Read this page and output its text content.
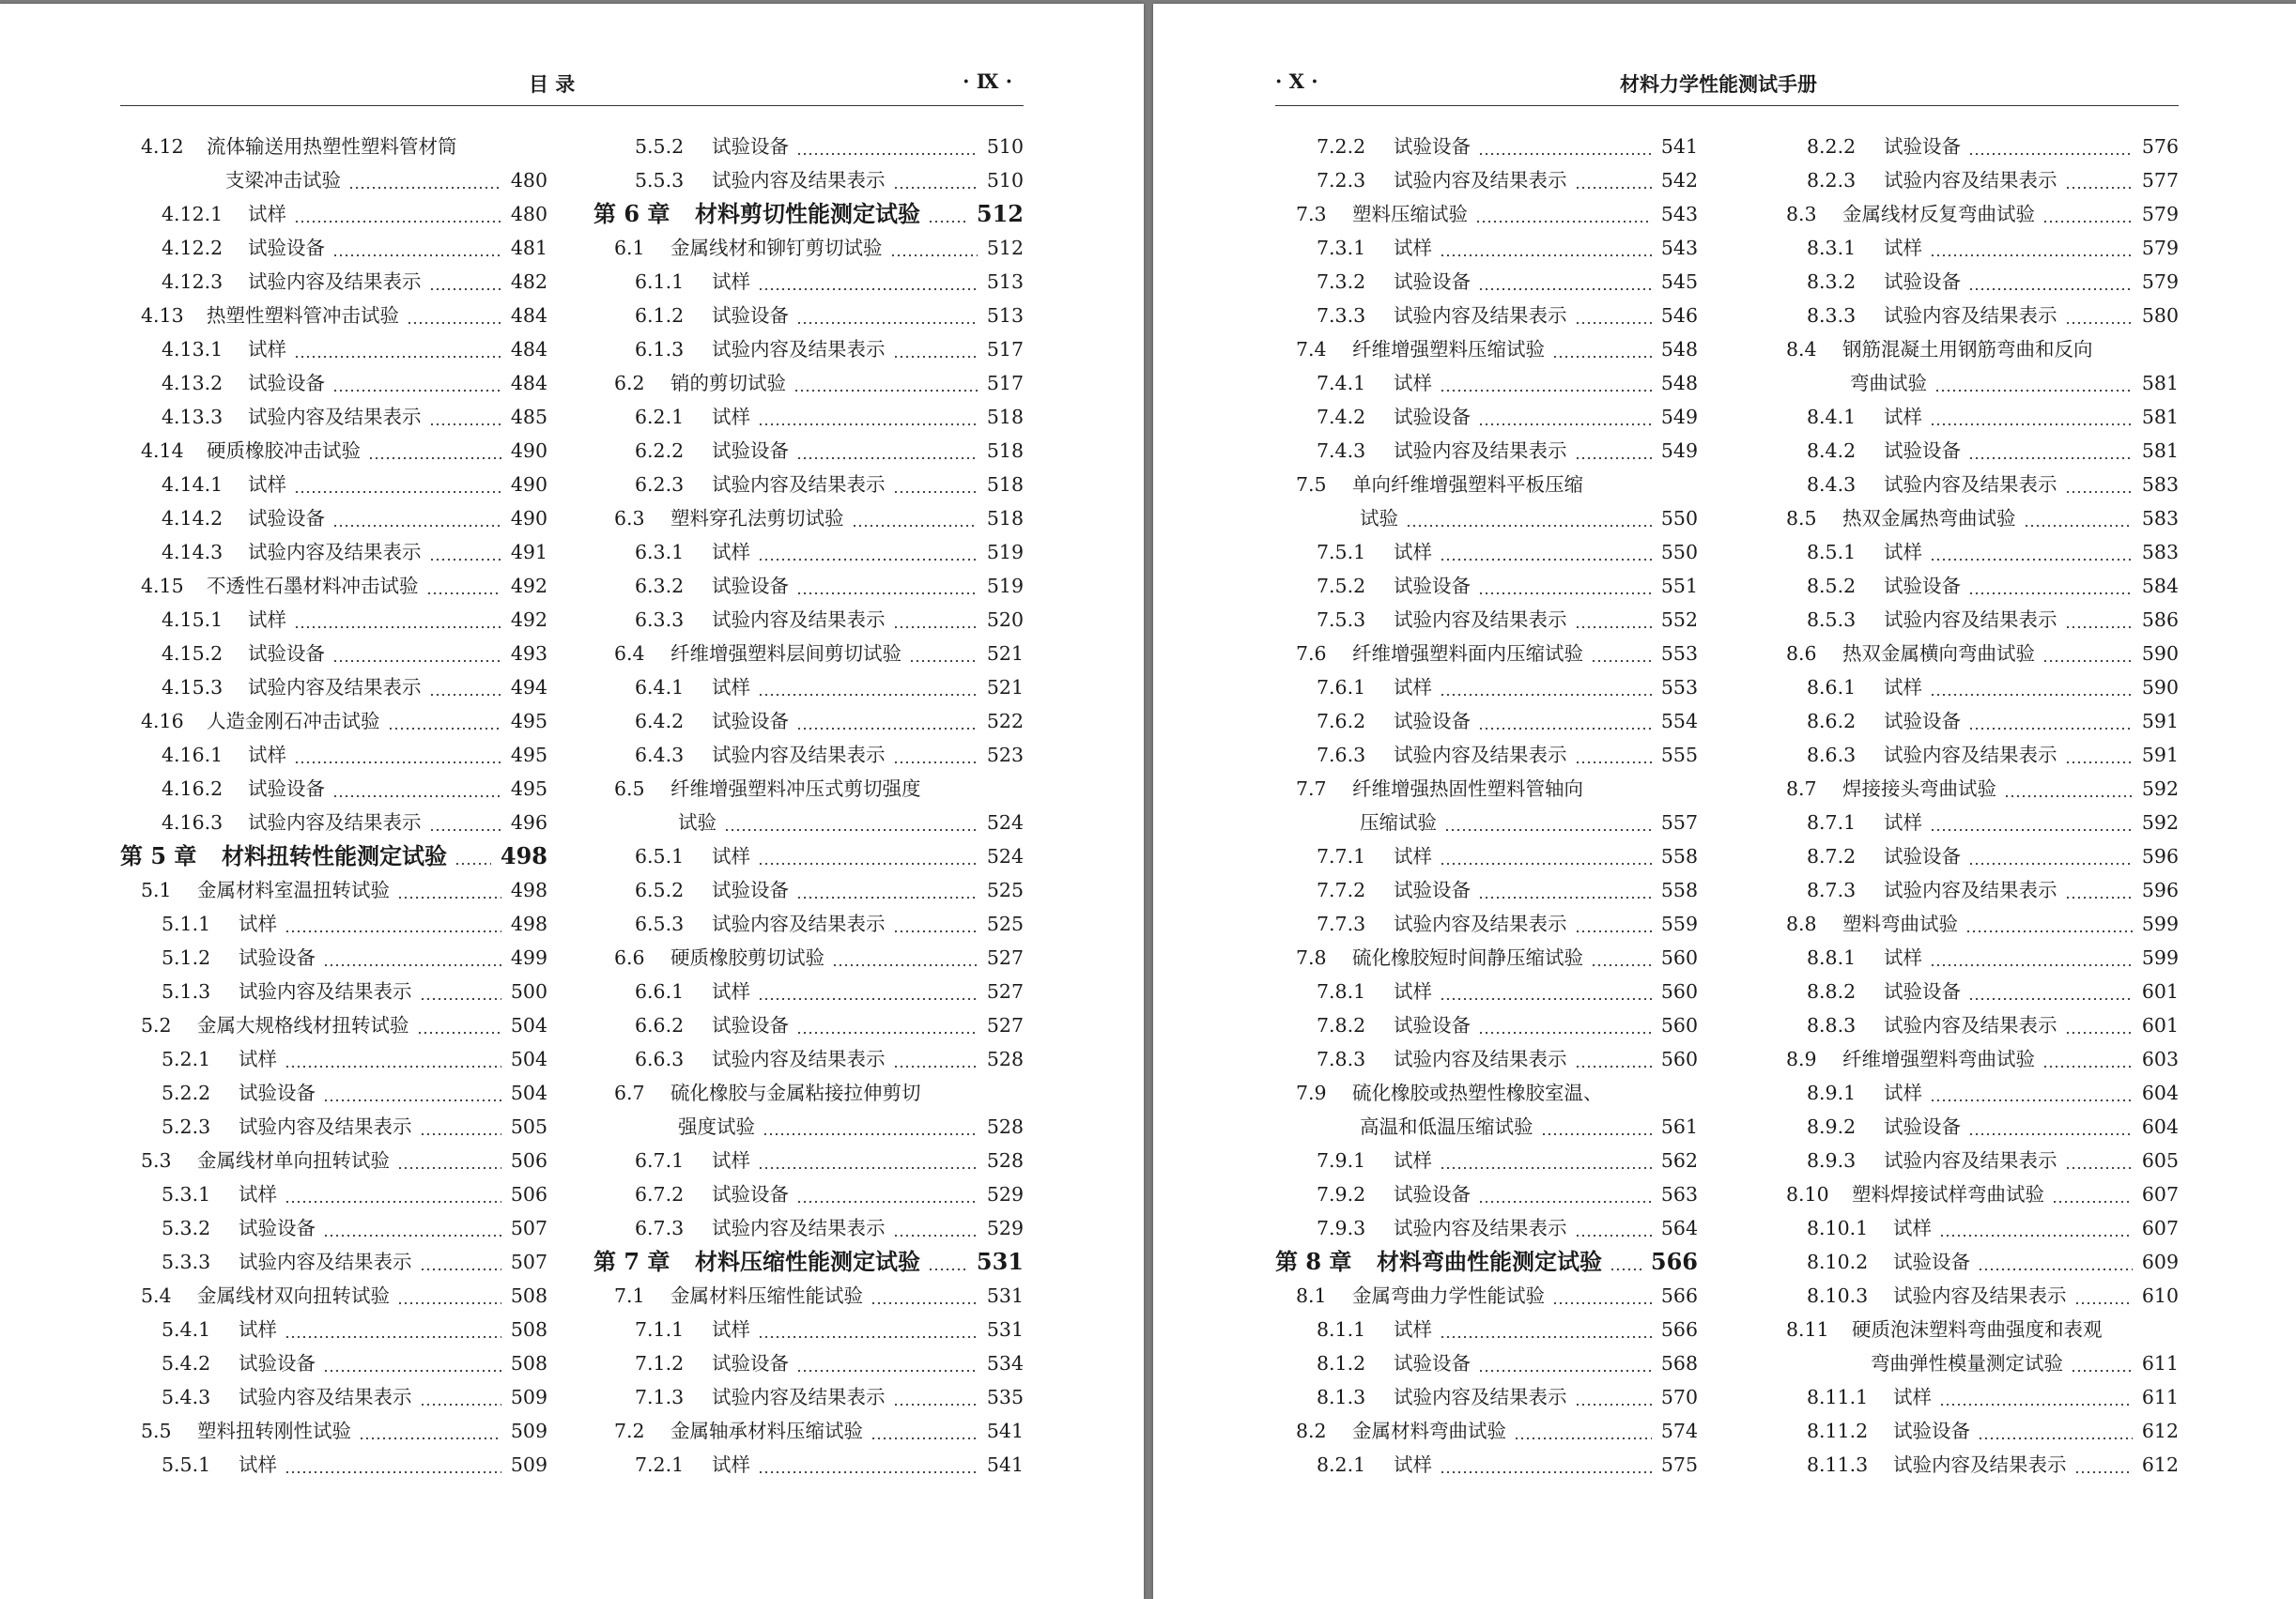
目 录	· Ⅸ ·
4.12	流体输送用热塑性塑料管材筒
支梁冲击试验	480
4.12.1	试样	480
4.12.2	试验设备	481
4.12.3	试验内容及结果表示	482
4.13	热塑性塑料管冲击试验	484
4.13.1	试样	484
4.13.2	试验设备	484
4.13.3	试验内容及结果表示	485
4.14	硬质橡胶冲击试验	490
4.14.1	试样	490
4.14.2	试验设备	490
4.14.3	试验内容及结果表示	491
4.15	不透性石墨材料冲击试验	492
4.15.1	试样	492
4.15.2	试验设备	493
4.15.3	试验内容及结果表示	494
4.16	人造金刚石冲击试验	495
4.16.1	试样	495
4.16.2	试验设备	495
4.16.3	试验内容及结果表示	496
第 5 章	材料扭转性能测定试验 498
5.1	金属材料室温扭转试验	498
5.1.1	试样	498
5.1.2	试验设备	499
5.1.3	试验内容及结果表示	500
5.2	金属大规格线材扭转试验	504
5.2.1	试样	504
5.2.2	试验设备	504
5.2.3	试验内容及结果表示	505
5.3	金属线材单向扭转试验	506
5.3.1	试样	506
5.3.2	试验设备	507
5.3.3	试验内容及结果表示	507
5.4	金属线材双向扭转试验	508
5.4.1	试样	508
5.4.2	试验设备	508
5.4.3	试验内容及结果表示	509
5.5	塑料扭转刚性试验	509
5.5.1	试样	509
5.5.2	试验设备	510
5.5.3	试验内容及结果表示	510
第 6 章	材料剪切性能测定试验 512
6.1	金属线材和铆钉剪切试验	512
6.1.1	试样	513
6.1.2	试验设备	513
6.1.3	试验内容及结果表示	517
6.2	销的剪切试验	517
6.2.1	试样	518
6.2.2	试验设备	518
6.2.3	试验内容及结果表示	518
6.3	塑料穿孔法剪切试验	518
6.3.1	试样	519
6.3.2	试验设备	519
6.3.3	试验内容及结果表示	520
6.4	纤维增强塑料层间剪切试验	521
6.4.1	试样	521
6.4.2	试验设备	522
6.4.3	试验内容及结果表示	523
6.5	纤维增强塑料冲压式剪切强度
试验	524
6.5.1	试样	524
6.5.2	试验设备	525
6.5.3	试验内容及结果表示	525
6.6	硬质橡胶剪切试验	527
6.6.1	试样	527
6.6.2	试验设备	527
6.6.3	试验内容及结果表示	528
6.7	硫化橡胶与金属粘接拉伸剪切
强度试验	528
6.7.1	试样	528
6.7.2	试验设备	529
6.7.3	试验内容及结果表示	529
第 7 章	材料压缩性能测定试验 531
7.1	金属材料压缩性能试验	531
7.1.1	试样	531
7.1.2	试验设备	534
7.1.3	试验内容及结果表示	535
7.2	金属轴承材料压缩试验	541
7.2.1	试样	541
· Ⅹ ·	材料力学性能测试手册
7.2.2	试验设备	541
7.2.3	试验内容及结果表示	542
7.3	塑料压缩试验	543
7.3.1	试样	543
7.3.2	试验设备	545
7.3.3	试验内容及结果表示	546
7.4	纤维增强塑料压缩试验	548
7.4.1	试样	548
7.4.2	试验设备	549
7.4.3	试验内容及结果表示	549
7.5	单向纤维增强塑料平板压缩
试验	550
7.5.1	试样	550
7.5.2	试验设备	551
7.5.3	试验内容及结果表示	552
7.6	纤维增强塑料面内压缩试验	553
7.6.1	试样	553
7.6.2	试验设备	554
7.6.3	试验内容及结果表示	555
7.7	纤维增强热固性塑料管轴向
压缩试验	557
7.7.1	试样	558
7.7.2	试验设备	558
7.7.3	试验内容及结果表示	559
7.8	硫化橡胶短时间静压缩试验	560
7.8.1	试样	560
7.8.2	试验设备	560
7.8.3	试验内容及结果表示	560
7.9	硫化橡胶或热塑性橡胶室温、
高温和低温压缩试验	561
7.9.1	试样	562
7.9.2	试验设备	563
7.9.3	试验内容及结果表示	564
第 8 章	材料弯曲性能测定试验 566
8.1	金属弯曲力学性能试验	566
8.1.1	试样	566
8.1.2	试验设备	568
8.1.3	试验内容及结果表示	570
8.2	金属材料弯曲试验	574
8.2.1	试样	575
8.2.2	试验设备	576
8.2.3	试验内容及结果表示	577
8.3	金属线材反复弯曲试验	579
8.3.1	试样	579
8.3.2	试验设备	579
8.3.3	试验内容及结果表示	580
8.4	钢筋混凝土用钢筋弯曲和反向
弯曲试验	581
8.4.1	试样	581
8.4.2	试验设备	581
8.4.3	试验内容及结果表示	583
8.5	热双金属热弯曲试验	583
8.5.1	试样	583
8.5.2	试验设备	584
8.5.3	试验内容及结果表示	586
8.6	热双金属横向弯曲试验	590
8.6.1	试样	590
8.6.2	试验设备	591
8.6.3	试验内容及结果表示	591
8.7	焊接接头弯曲试验	592
8.7.1	试样	592
8.7.2	试验设备	596
8.7.3	试验内容及结果表示	596
8.8	塑料弯曲试验	599
8.8.1	试样	599
8.8.2	试验设备	601
8.8.3	试验内容及结果表示	601
8.9	纤维增强塑料弯曲试验	603
8.9.1	试样	604
8.9.2	试验设备	604
8.9.3	试验内容及结果表示	605
8.10	塑料焊接试样弯曲试验	607
8.10.1	试样	607
8.10.2	试验设备	609
8.10.3	试验内容及结果表示	610
8.11	硬质泡沫塑料弯曲强度和表观
弯曲弹性模量测定试验	611
8.11.1	试样	611
8.11.2	试验设备	612
8.11.3	试验内容及结果表示	612
